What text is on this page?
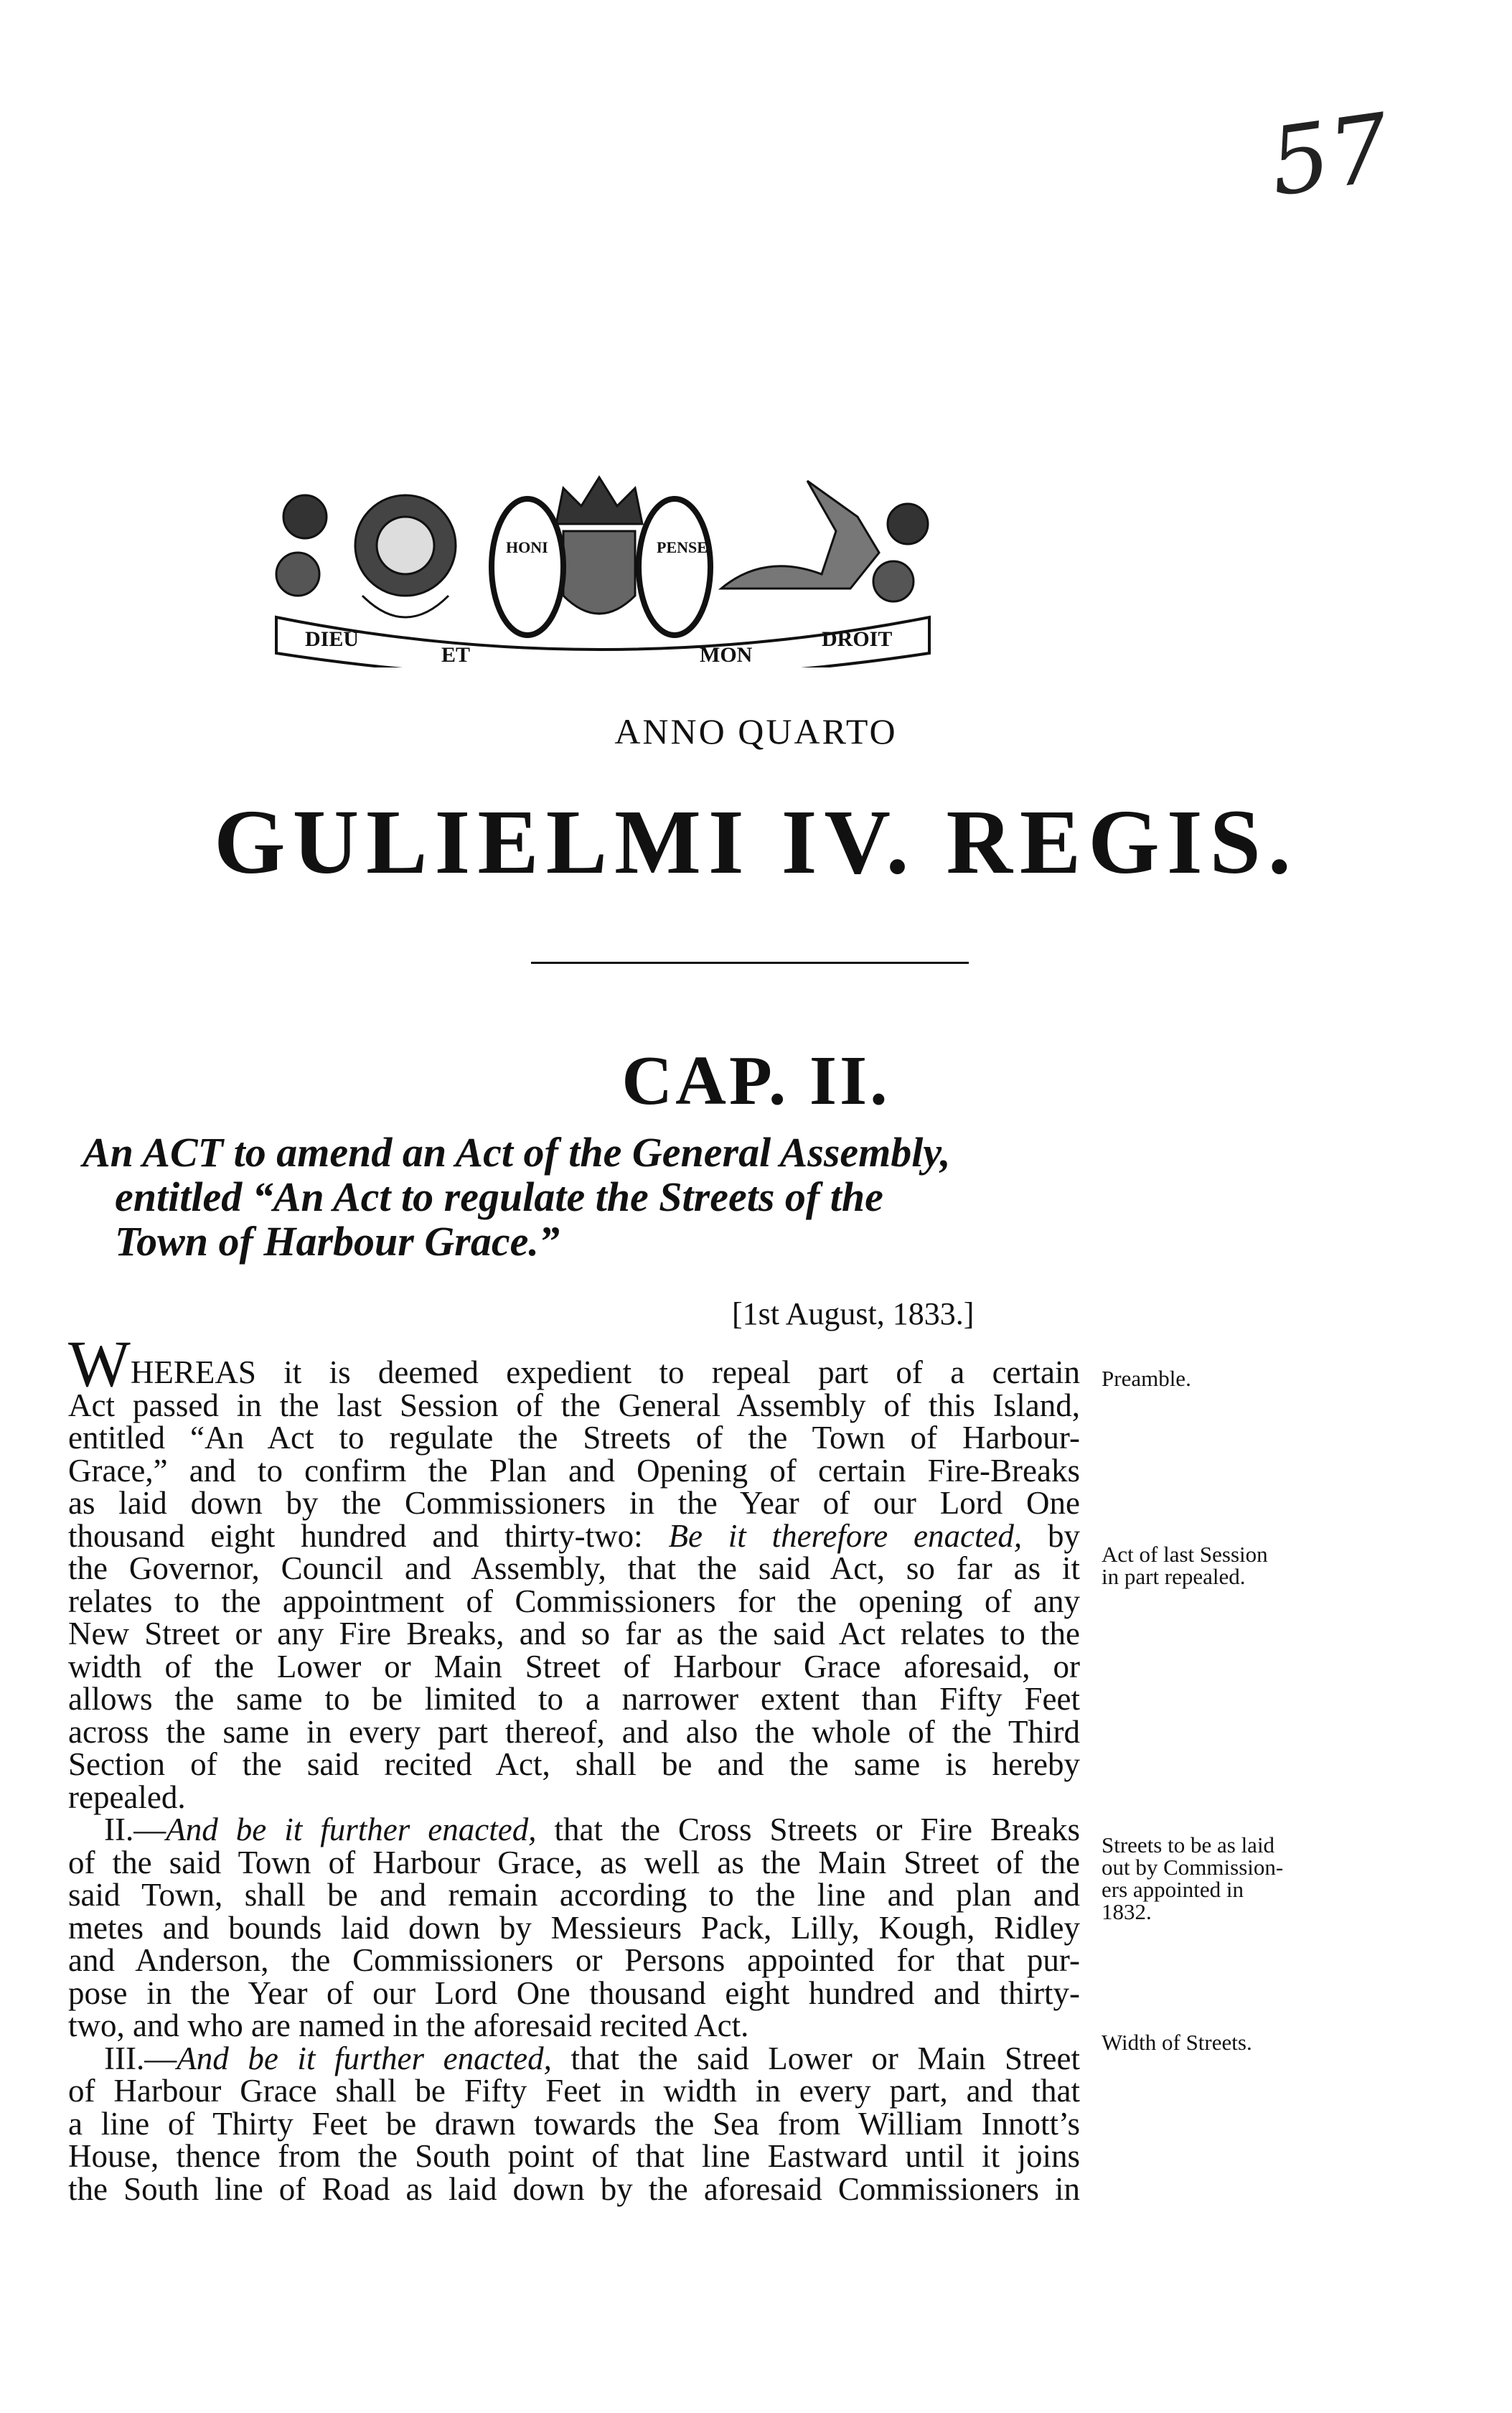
57
DIEU
ET	MON
DROIT
HONI	PENSE
ANNO QUARTO
GULIELMI IV. REGIS.
CAP. II.
An ACT to amend an Act of the General Assembly,
entitled “An Act to regulate the Streets of the
Town of Harbour Grace.”
[1st August, 1833.]
WHEREAS it is deemed expedient to repeal part of a certain
Act passed in the last Session of the General Assembly of this Island,
entitled “An Act to regulate the Streets of the Town of Harbour-
Grace,” and to confirm the Plan and Opening of certain Fire-Breaks
as laid down by the Commissioners in the Year of our Lord One
thousand eight hundred and thirty-two: Be it therefore enacted, by
the Governor, Council and Assembly, that the said Act, so far as it
relates to the appointment of Commissioners for the opening of any
New Street or any Fire Breaks, and so far as the said Act relates to the
width of the Lower or Main Street of Harbour Grace aforesaid, or
allows the same to be limited to a narrower extent than Fifty Feet
across the same in every part thereof, and also the whole of the Third
Section of the said recited Act, shall be and the same is hereby
repealed.
II.—And be it further enacted, that the Cross Streets or Fire Breaks
of the said Town of Harbour Grace, as well as the Main Street of the
said Town, shall be and remain according to the line and plan and
metes and bounds laid down by Messieurs Pack, Lilly, Kough, Ridley
and Anderson, the Commissioners or Persons appointed for that pur-
pose in the Year of our Lord One thousand eight hundred and thirty-
two, and who are named in the aforesaid recited Act.
III.—And be it further enacted, that the said Lower or Main Street
of Harbour Grace shall be Fifty Feet in width in every part, and that
a line of Thirty Feet be drawn towards the Sea from William Innott’s
House, thence from the South point of that line Eastward until it joins
the South line of Road as laid down by the aforesaid Commissioners in
Preamble.
Act of last Session
in part repealed.
Streets to be as laid
out by Commission-
ers appointed in
1832.
Width of Streets.
